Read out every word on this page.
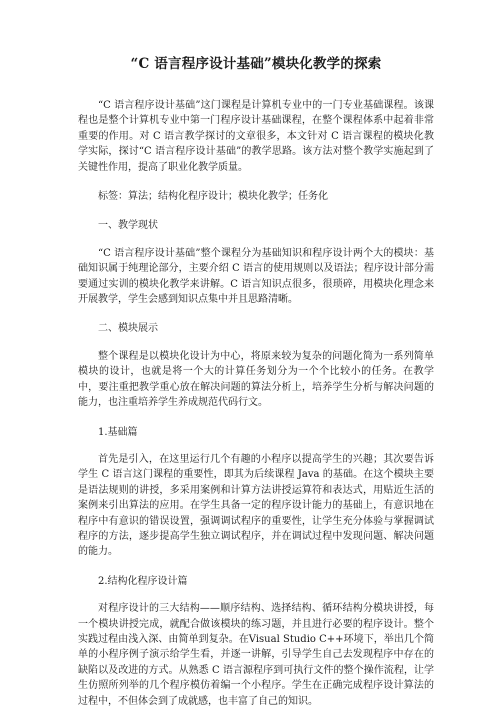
“C 语言程序设计基础”模块化教学的探索

“C 语言程序设计基础”这门课程是计算机专业中的一门专业基础课程。该课程也是整个计算机专业中第一门程序设计基础课程，在整个课程体系中起着非常重要的作用。对 C 语言教学探讨的文章很多，本文针对 C 语言课程的模块化教学实际，探讨“C 语言程序设计基础”的教学思路。该方法对整个教学实施起到了关键性作用，提高了职业化教学质量。

标签：算法；结构化程序设计；模块化教学；任务化

一、教学现状

“C 语言程序设计基础”整个课程分为基础知识和程序设计两个大的模块：基础知识属于纯理论部分，主要介绍 C 语言的使用规则以及语法；程序设计部分需要通过实训的模块化教学来讲解。C 语言知识点很多，很琐碎，用模块化理念来开展教学，学生会感到知识点集中并且思路清晰。

二、模块展示

整个课程是以模块化设计为中心，将原来较为复杂的问题化简为一系列简单模块的设计，也就是将一个大的计算任务划分为一个个比较小的任务。在教学中，要注重把教学重心放在解决问题的算法分析上，培养学生分析与解决问题的能力，也注重培养学生养成规范代码行文。

1.基础篇

首先是引入，在这里运行几个有趣的小程序以提高学生的兴趣；其次要告诉学生 C 语言这门课程的重要性，即其为后续课程 Java 的基础。在这个模块主要是语法规则的讲授，多采用案例和计算方法讲授运算符和表达式，用贴近生活的案例来引出算法的应用。在学生具备一定的程序设计能力的基础上，有意识地在程序中有意识的错误设置，强调调试程序的重要性，让学生充分体验与掌握调试程序的方法，逐步提高学生独立调试程序，并在调试过程中发现问题、解决问题的能力。

2.结构化程序设计篇

对程序设计的三大结构——顺序结构、选择结构、循环结构分模块讲授，每一个模块讲授完成，就配合做该模块的练习题，并且进行必要的程序设计。整个实践过程由浅入深、由简单到复杂。在Visual Studio C++环境下，举出几个简单的小程序例子演示给学生看，并逐一讲解，引导学生自己去发现程序中存在的缺陷以及改进的方式。从熟悉 C 语言源程序到可执行文件的整个操作流程，让学生仿照所列举的几个程序模仿着编一个小程序。学生在正确完成程序设计算法的过程中，不但体会到了成就感，也丰富了自己的知识。
